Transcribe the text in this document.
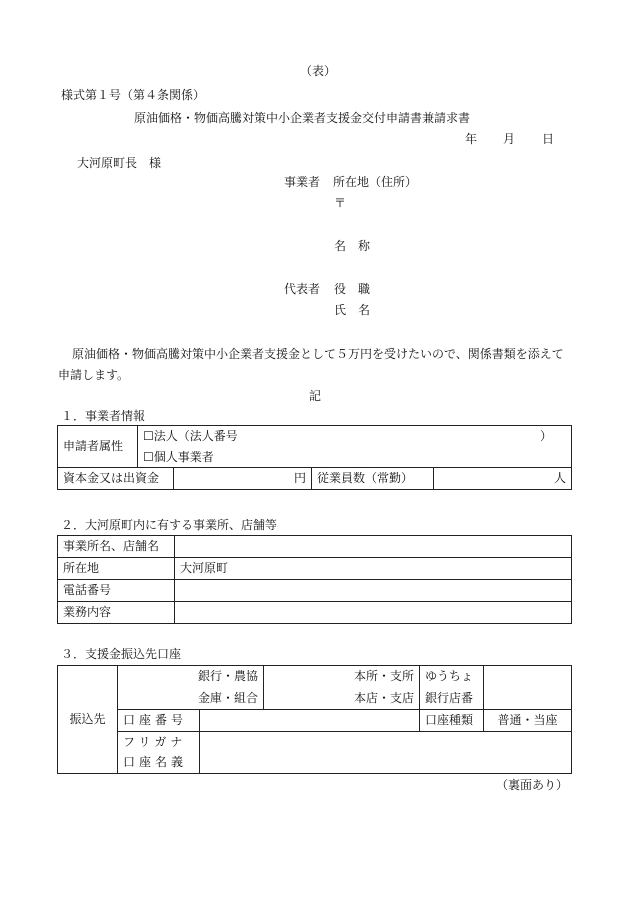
（表）
様式第１号（第４条関係）
原油価格・物価高騰対策中小企業者支援金交付申請書兼請求書
年 月 日
大河原町長　様
事業者 所在地（住所）
〒
名　称
代表者 役　職
氏　名
原油価格・物価高騰対策中小企業者支援金として５万円を受けたいので、関係書類を添えて申請します。
記
１．事業者情報
申請者属性	☐法人（法人番号 ）			

	☐個人事業者			
資本金又は出資金		円	従業員数（常勤）	人
２．大河原町内に有する事業所、店舗等
事業所名、店舗名	
所在地	大河原町
電話番号	
業務内容	
３．支援金振込先口座
振込先	銀行・農協		本所・支所	ゆうちょ	
	金庫・組合		本店・支店	銀行店番	
	口座番号			口座種類	普通・当座
	フリガナ				
	口座名義				
（裏面あり）
